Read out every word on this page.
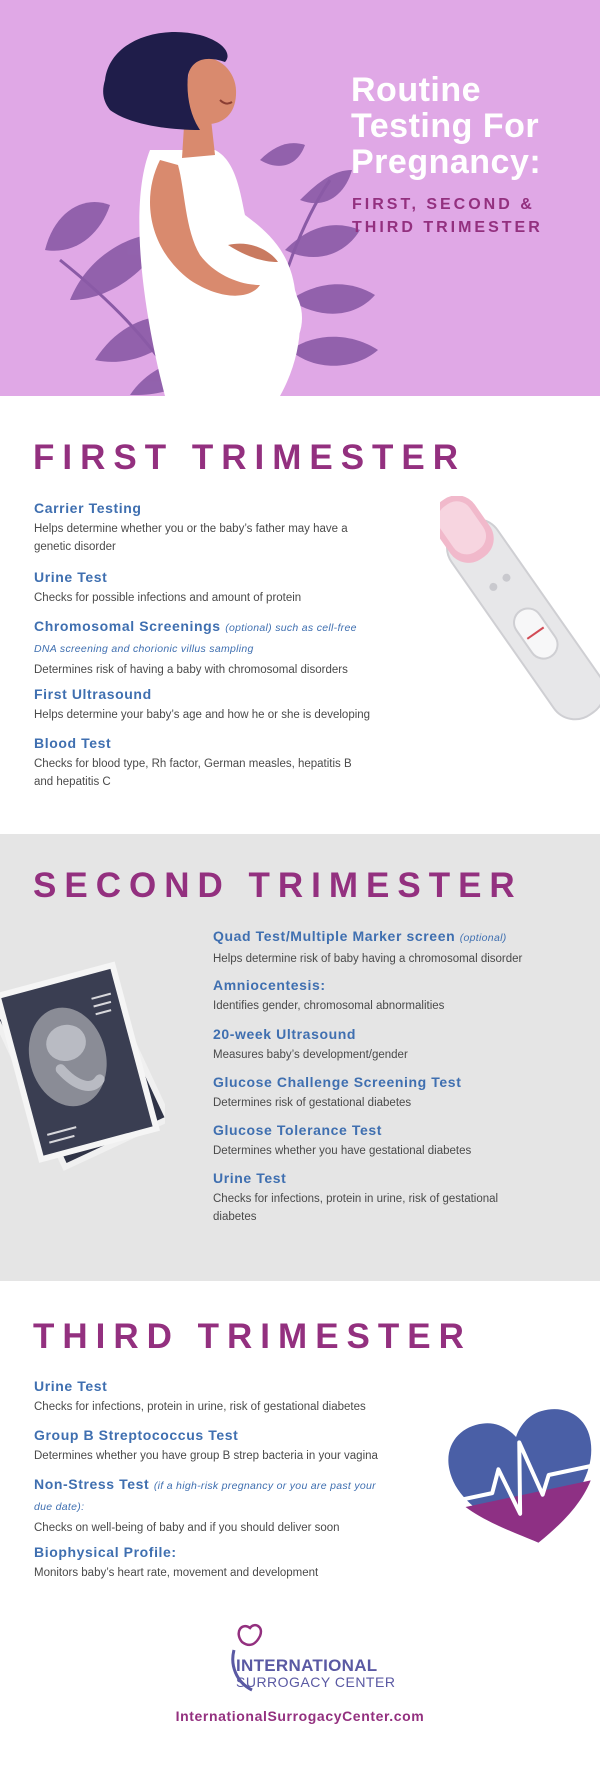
Routine Testing For Pregnancy:
FIRST, SECOND & THIRD TRIMESTER
FIRST TRIMESTER
Carrier Testing
Helps determine whether you or the baby’s father may have a genetic disorder
Urine Test
Checks for possible infections and amount of protein
Chromosomal Screenings (optional) such as cell-free DNA screening and chorionic villus sampling
Determines risk of having a baby with chromosomal disorders
First Ultrasound
Helps determine your baby’s age and how he or she is developing
Blood Test
Checks for blood type, Rh factor, German measles, hepatitis B and hepatitis C
SECOND TRIMESTER
Quad Test/Multiple Marker screen (optional)
Helps determine risk of baby having a chromosomal disorder
Amniocentesis:
Identifies gender, chromosomal abnormalities
20-week Ultrasound
Measures baby’s development/gender
Glucose Challenge Screening Test
Determines risk of gestational diabetes
Glucose Tolerance Test
Determines whether you have gestational diabetes
Urine Test
Checks for infections, protein in urine, risk of gestational diabetes
THIRD TRIMESTER
Urine Test
Checks for infections, protein in urine, risk of gestational diabetes
Group B Streptococcus Test
Determines whether you have group B strep bacteria in your vagina
Non-Stress Test (if a high-risk pregnancy or you are past your due date):
Checks on well-being of baby and if you should deliver soon
Biophysical Profile:
Monitors baby’s heart rate, movement and development
INTERNATIONAL
SURROGACY CENTER
InternationalSurrogacyCenter.com
